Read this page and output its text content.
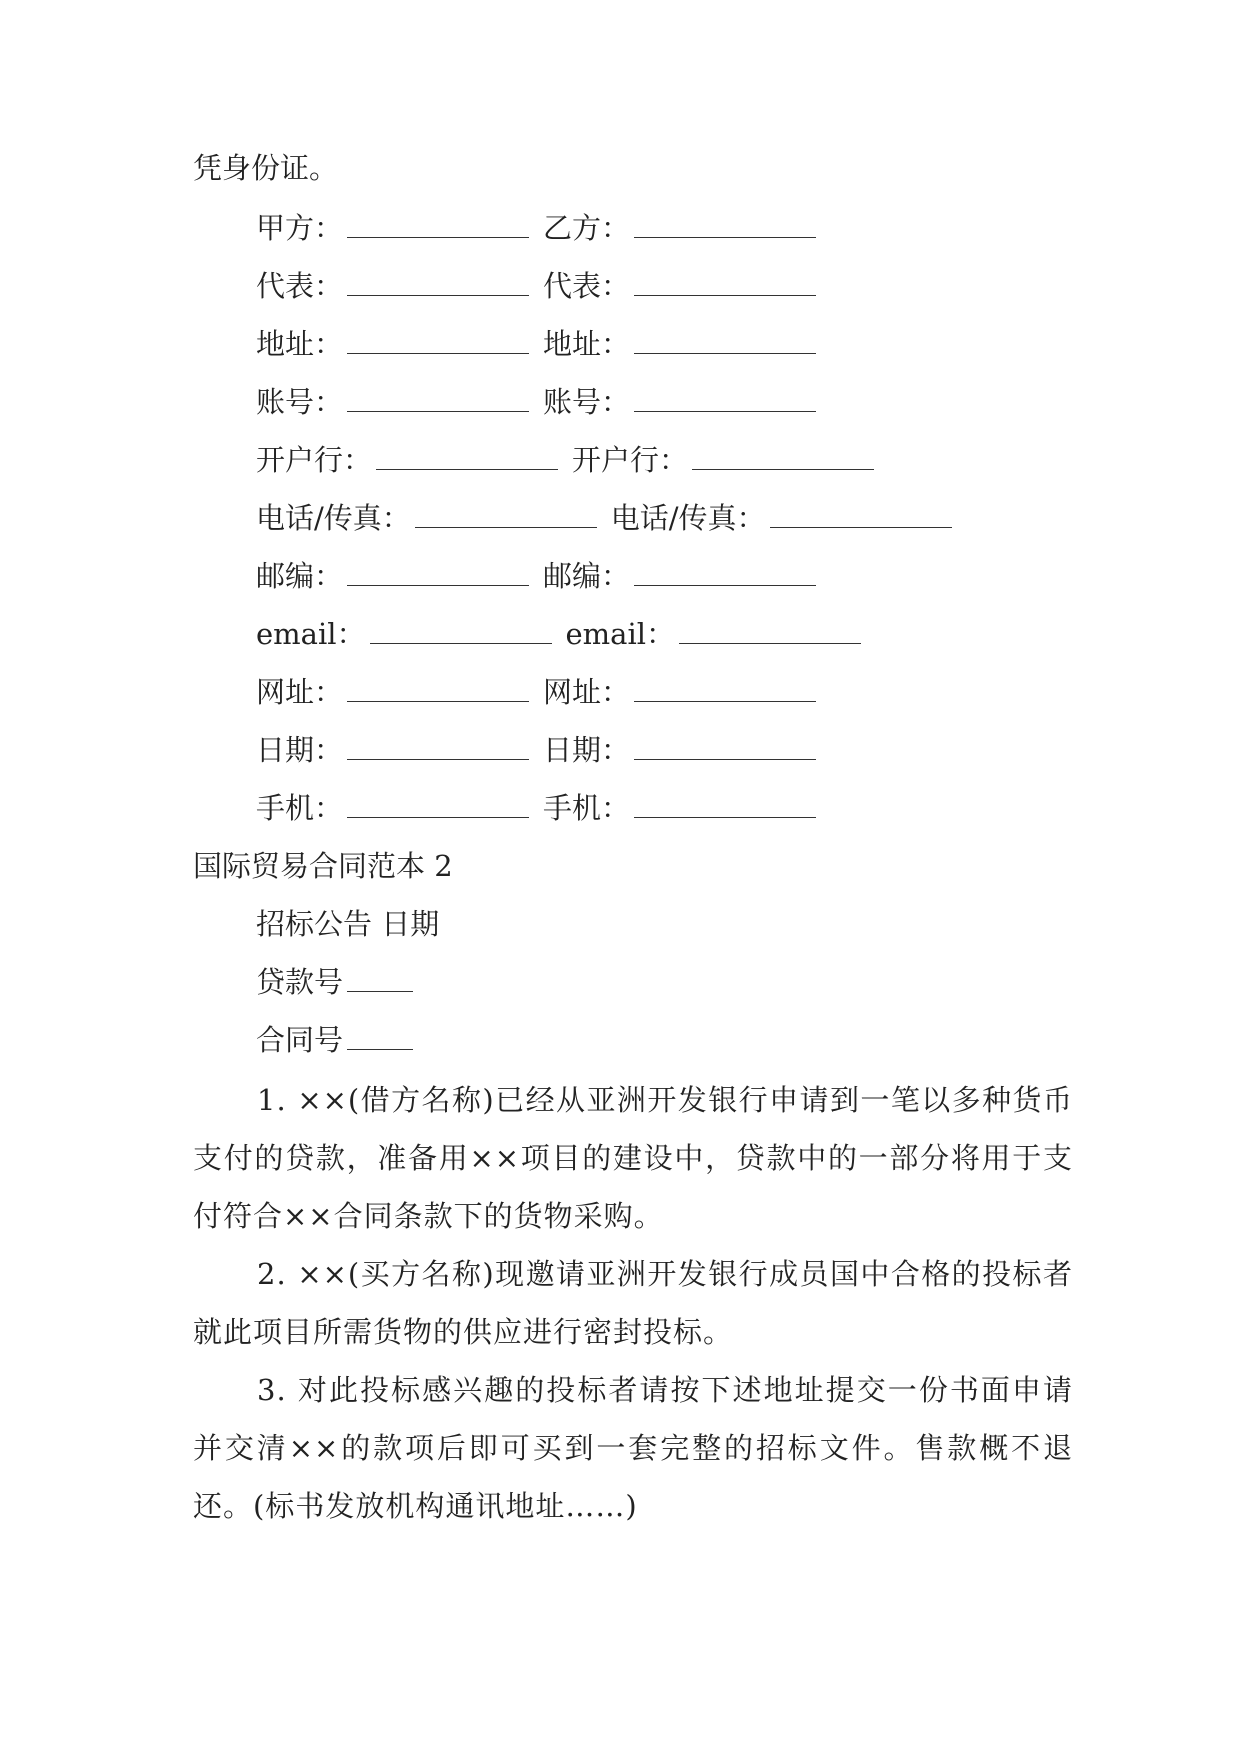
凭身份证。
甲方：	乙方：
代表：	代表：
地址：	地址：
账号：	账号：
开户行：	开户行：
电话/传真：	电话/传真：
邮编：	邮编：
email：	email：
网址：	网址：
日期：	日期：
手机：	手机：
国际贸易合同范本 2
招标公告 日期
贷款号
合同号
1. ××(借方名称)已经从亚洲开发银行申请到一笔以多种货币支付的贷款，准备用××项目的建设中，贷款中的一部分将用于支付符合××合同条款下的货物采购。
2. ××(买方名称)现邀请亚洲开发银行成员国中合格的投标者就此项目所需货物的供应进行密封投标。
3. 对此投标感兴趣的投标者请按下述地址提交一份书面申请并交清××的款项后即可买到一套完整的招标文件。售款概不退还。(标书发放机构通讯地址……)
